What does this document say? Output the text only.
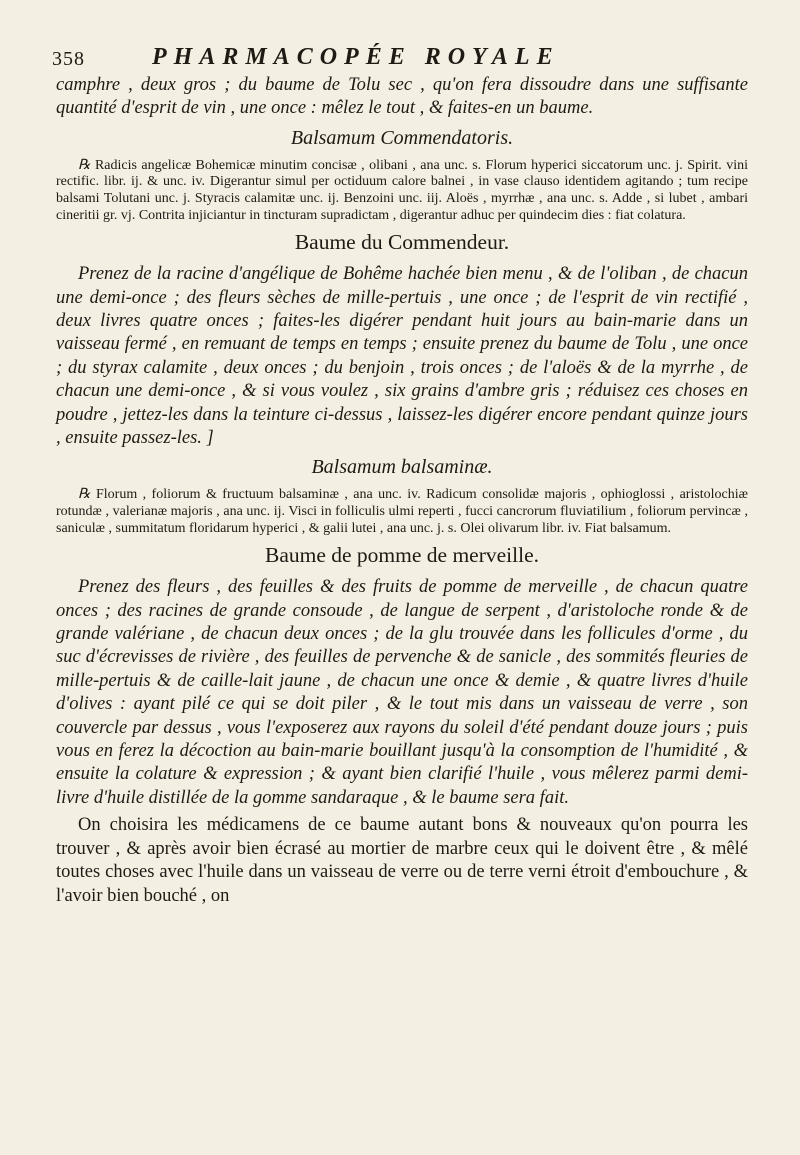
358	PHARMACOPÉE ROYALE

camphre , deux gros ; du baume de Tolu sec , qu'on fera dissoudre dans une suffisante quantité d'esprit de vin , une once : mêlez le tout , & faites-en un baume.

Balsamum Commendatoris.

℞ Radicis angelicæ Bohemicæ minutim concisæ , olibani , ana unc. s. Florum hyperici siccatorum unc. j. Spirit. vini rectific. libr. ij. & unc. iv. Digerantur simul per octiduum calore balnei , in vase clauso identidem agitando ; tum recipe balsami Tolutani unc. j. Styracis calamitæ unc. ij. Benzoini unc. iij. Aloës , myrrhæ , ana unc. s. Adde , si lubet , ambari cineritii gr. vj. Contrita injiciantur in tincturam supradictam , digerantur adhuc per quindecim dies : fiat colatura.

Baume du Commendeur.

Prenez de la racine d'angélique de Bohême hachée bien menu , & de l'oliban , de chacun une demi-once ; des fleurs sèches de mille-pertuis , une once ; de l'esprit de vin rectifié , deux livres quatre onces ; faites-les digérer pendant huit jours au bain-marie dans un vaisseau fermé , en remuant de temps en temps ; ensuite prenez du baume de Tolu , une once ; du styrax calamite , deux onces ; du benjoin , trois onces ; de l'aloës & de la myrrhe , de chacun une demi-once , & si vous voulez , six grains d'ambre gris ; réduisez ces choses en poudre , jettez-les dans la teinture ci-dessus , laissez-les digérer encore pendant quinze jours , ensuite passez-les. ]

Balsamum balsaminæ.

℞ Florum , foliorum & fructuum balsaminæ , ana unc. iv. Radicum consolidæ majoris , ophioglossi , aristolochiæ rotundæ , valerianæ majoris , ana unc. ij. Visci in folliculis ulmi reperti , fucci cancrorum fluviatilium , foliorum pervincæ , saniculæ , summitatum floridarum hyperici , & galii lutei , ana unc. j. s. Olei olivarum libr. iv. Fiat balsamum.

Baume de pomme de merveille.

Prenez des fleurs , des feuilles & des fruits de pomme de merveille , de chacun quatre onces ; des racines de grande consoude , de langue de serpent , d'aristoloche ronde & de grande valériane , de chacun deux onces ; de la glu trouvée dans les follicules d'orme , du suc d'écrevisses de rivière , des feuilles de pervenche & de sanicle , des sommités fleuries de mille-pertuis & de caille-lait jaune , de chacun une once & demie , & quatre livres d'huile d'olives : ayant pilé ce qui se doit piler , & le tout mis dans un vaisseau de verre , son couvercle par dessus , vous l'exposerez aux rayons du soleil d'été pendant douze jours ; puis vous en ferez la décoction au bain-marie bouillant jusqu'à la consomption de l'humidité , & ensuite la colature & expression ; & ayant bien clarifié l'huile , vous mêlerez parmi demi-livre d'huile distillée de la gomme sandaraque , & le baume sera fait.

On choisira les médicamens de ce baume autant bons & nouveaux qu'on pourra les trouver , & après avoir bien écrasé au mortier de marbre ceux qui le doivent être , & mêlé toutes choses avec l'huile dans un vaisseau de verre ou de terre verni étroit d'embouchure , & l'avoir bien bouché , on
